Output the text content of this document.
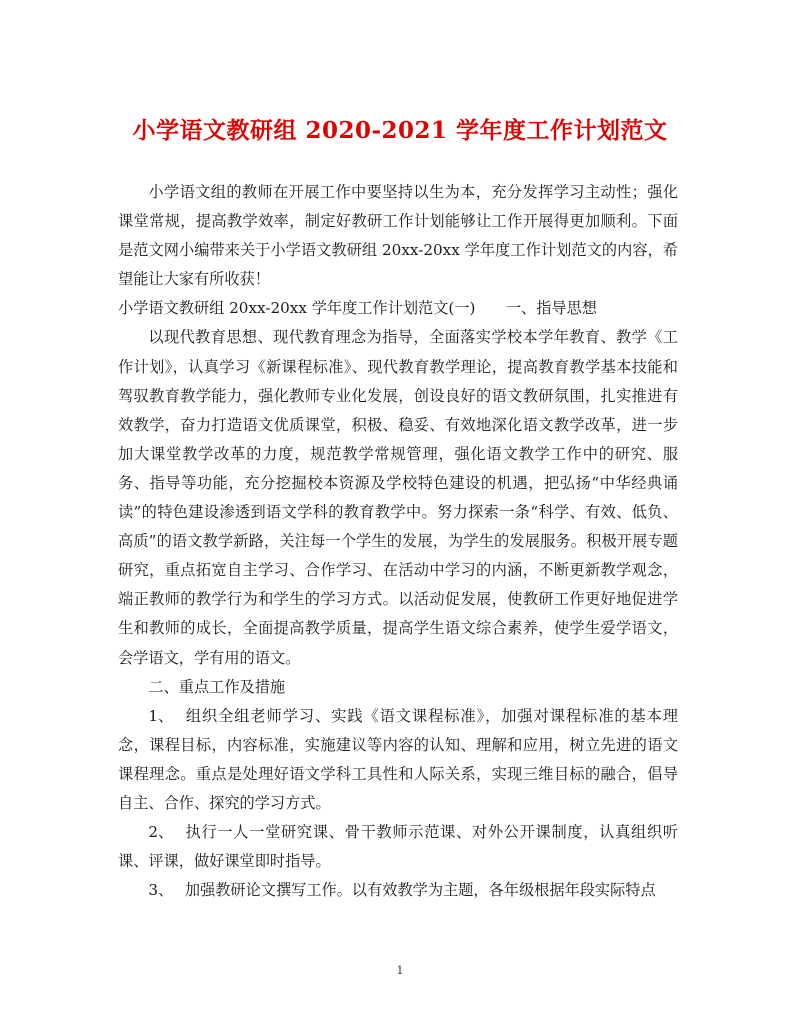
小学语文教研组 2020-2021 学年度工作计划范文

小学语文组的教师在开展工作中要坚持以生为本，充分发挥学习主动性；强化课堂常规，提高教学效率，制定好教研工作计划能够让工作开展得更加顺利。下面是范文网小编带来关于小学语文教研组 20xx-20xx 学年度工作计划范文的内容，希望能让大家有所收获！

小学语文教研组 20xx-20xx 学年度工作计划范文(一)　　一、指导思想

以现代教育思想、现代教育理念为指导，全面落实学校本学年教育、教学《工作计划》，认真学习《新课程标准》、现代教育教学理论，提高教育教学基本技能和驾驭教育教学能力，强化教师专业化发展，创设良好的语文教研氛围，扎实推进有效教学，奋力打造语文优质课堂，积极、稳妥、有效地深化语文教学改革，进一步加大课堂教学改革的力度，规范教学常规管理，强化语文教学工作中的研究、服务、指导等功能，充分挖掘校本资源及学校特色建设的机遇，把弘扬“中华经典诵读”的特色建设渗透到语文学科的教育教学中。努力探索一条“科学、有效、低负、高质”的语文教学新路，关注每一个学生的发展，为学生的发展服务。积极开展专题研究，重点拓宽自主学习、合作学习、在活动中学习的内涵，不断更新教学观念，端正教师的教学行为和学生的学习方式。以活动促发展，使教研工作更好地促进学生和教师的成长，全面提高教学质量，提高学生语文综合素养，使学生爱学语文，会学语文，学有用的语文。

二、重点工作及措施

1、 组织全组老师学习、实践《语文课程标准》，加强对课程标准的基本理念，课程目标，内容标准，实施建议等内容的认知、理解和应用，树立先进的语文课程理念。重点是处理好语文学科工具性和人际关系，实现三维目标的融合，倡导自主、合作、探究的学习方式。

2、 执行一人一堂研究课、骨干教师示范课、对外公开课制度，认真组织听课、评课，做好课堂即时指导。

3、 加强教研论文撰写工作。以有效教学为主题，各年级根据年段实际特点

1
